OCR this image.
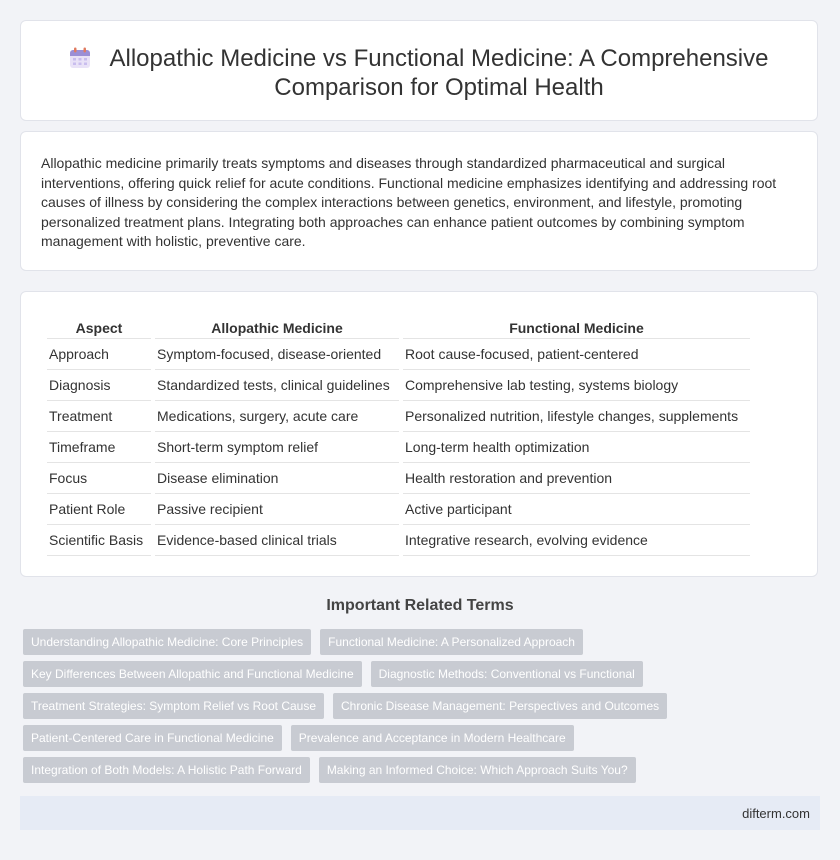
Allopathic Medicine vs Functional Medicine: A Comprehensive Comparison for Optimal Health

Allopathic medicine primarily treats symptoms and diseases through standardized pharmaceutical and surgical interventions, offering quick relief for acute conditions. Functional medicine emphasizes identifying and addressing root causes of illness by considering the complex interactions between genetics, environment, and lifestyle, promoting personalized treatment plans. Integrating both approaches can enhance patient outcomes by combining symptom management with holistic, preventive care.

Aspect	Allopathic Medicine	Functional Medicine
Approach	Symptom-focused, disease-oriented	Root cause-focused, patient-centered
Diagnosis	Standardized tests, clinical guidelines	Comprehensive lab testing, systems biology
Treatment	Medications, surgery, acute care	Personalized nutrition, lifestyle changes, supplements
Timeframe	Short-term symptom relief	Long-term health optimization
Focus	Disease elimination	Health restoration and prevention
Patient Role	Passive recipient	Active participant
Scientific Basis	Evidence-based clinical trials	Integrative research, evolving evidence
Important Related Terms
Understanding Allopathic Medicine: Core Principles	Functional Medicine: A Personalized Approach
Key Differences Between Allopathic and Functional Medicine	Diagnostic Methods: Conventional vs Functional
Treatment Strategies: Symptom Relief vs Root Cause	Chronic Disease Management: Perspectives and Outcomes
Patient-Centered Care in Functional Medicine	Prevalence and Acceptance in Modern Healthcare
Integration of Both Models: A Holistic Path Forward	Making an Informed Choice: Which Approach Suits You?
difterm.com
